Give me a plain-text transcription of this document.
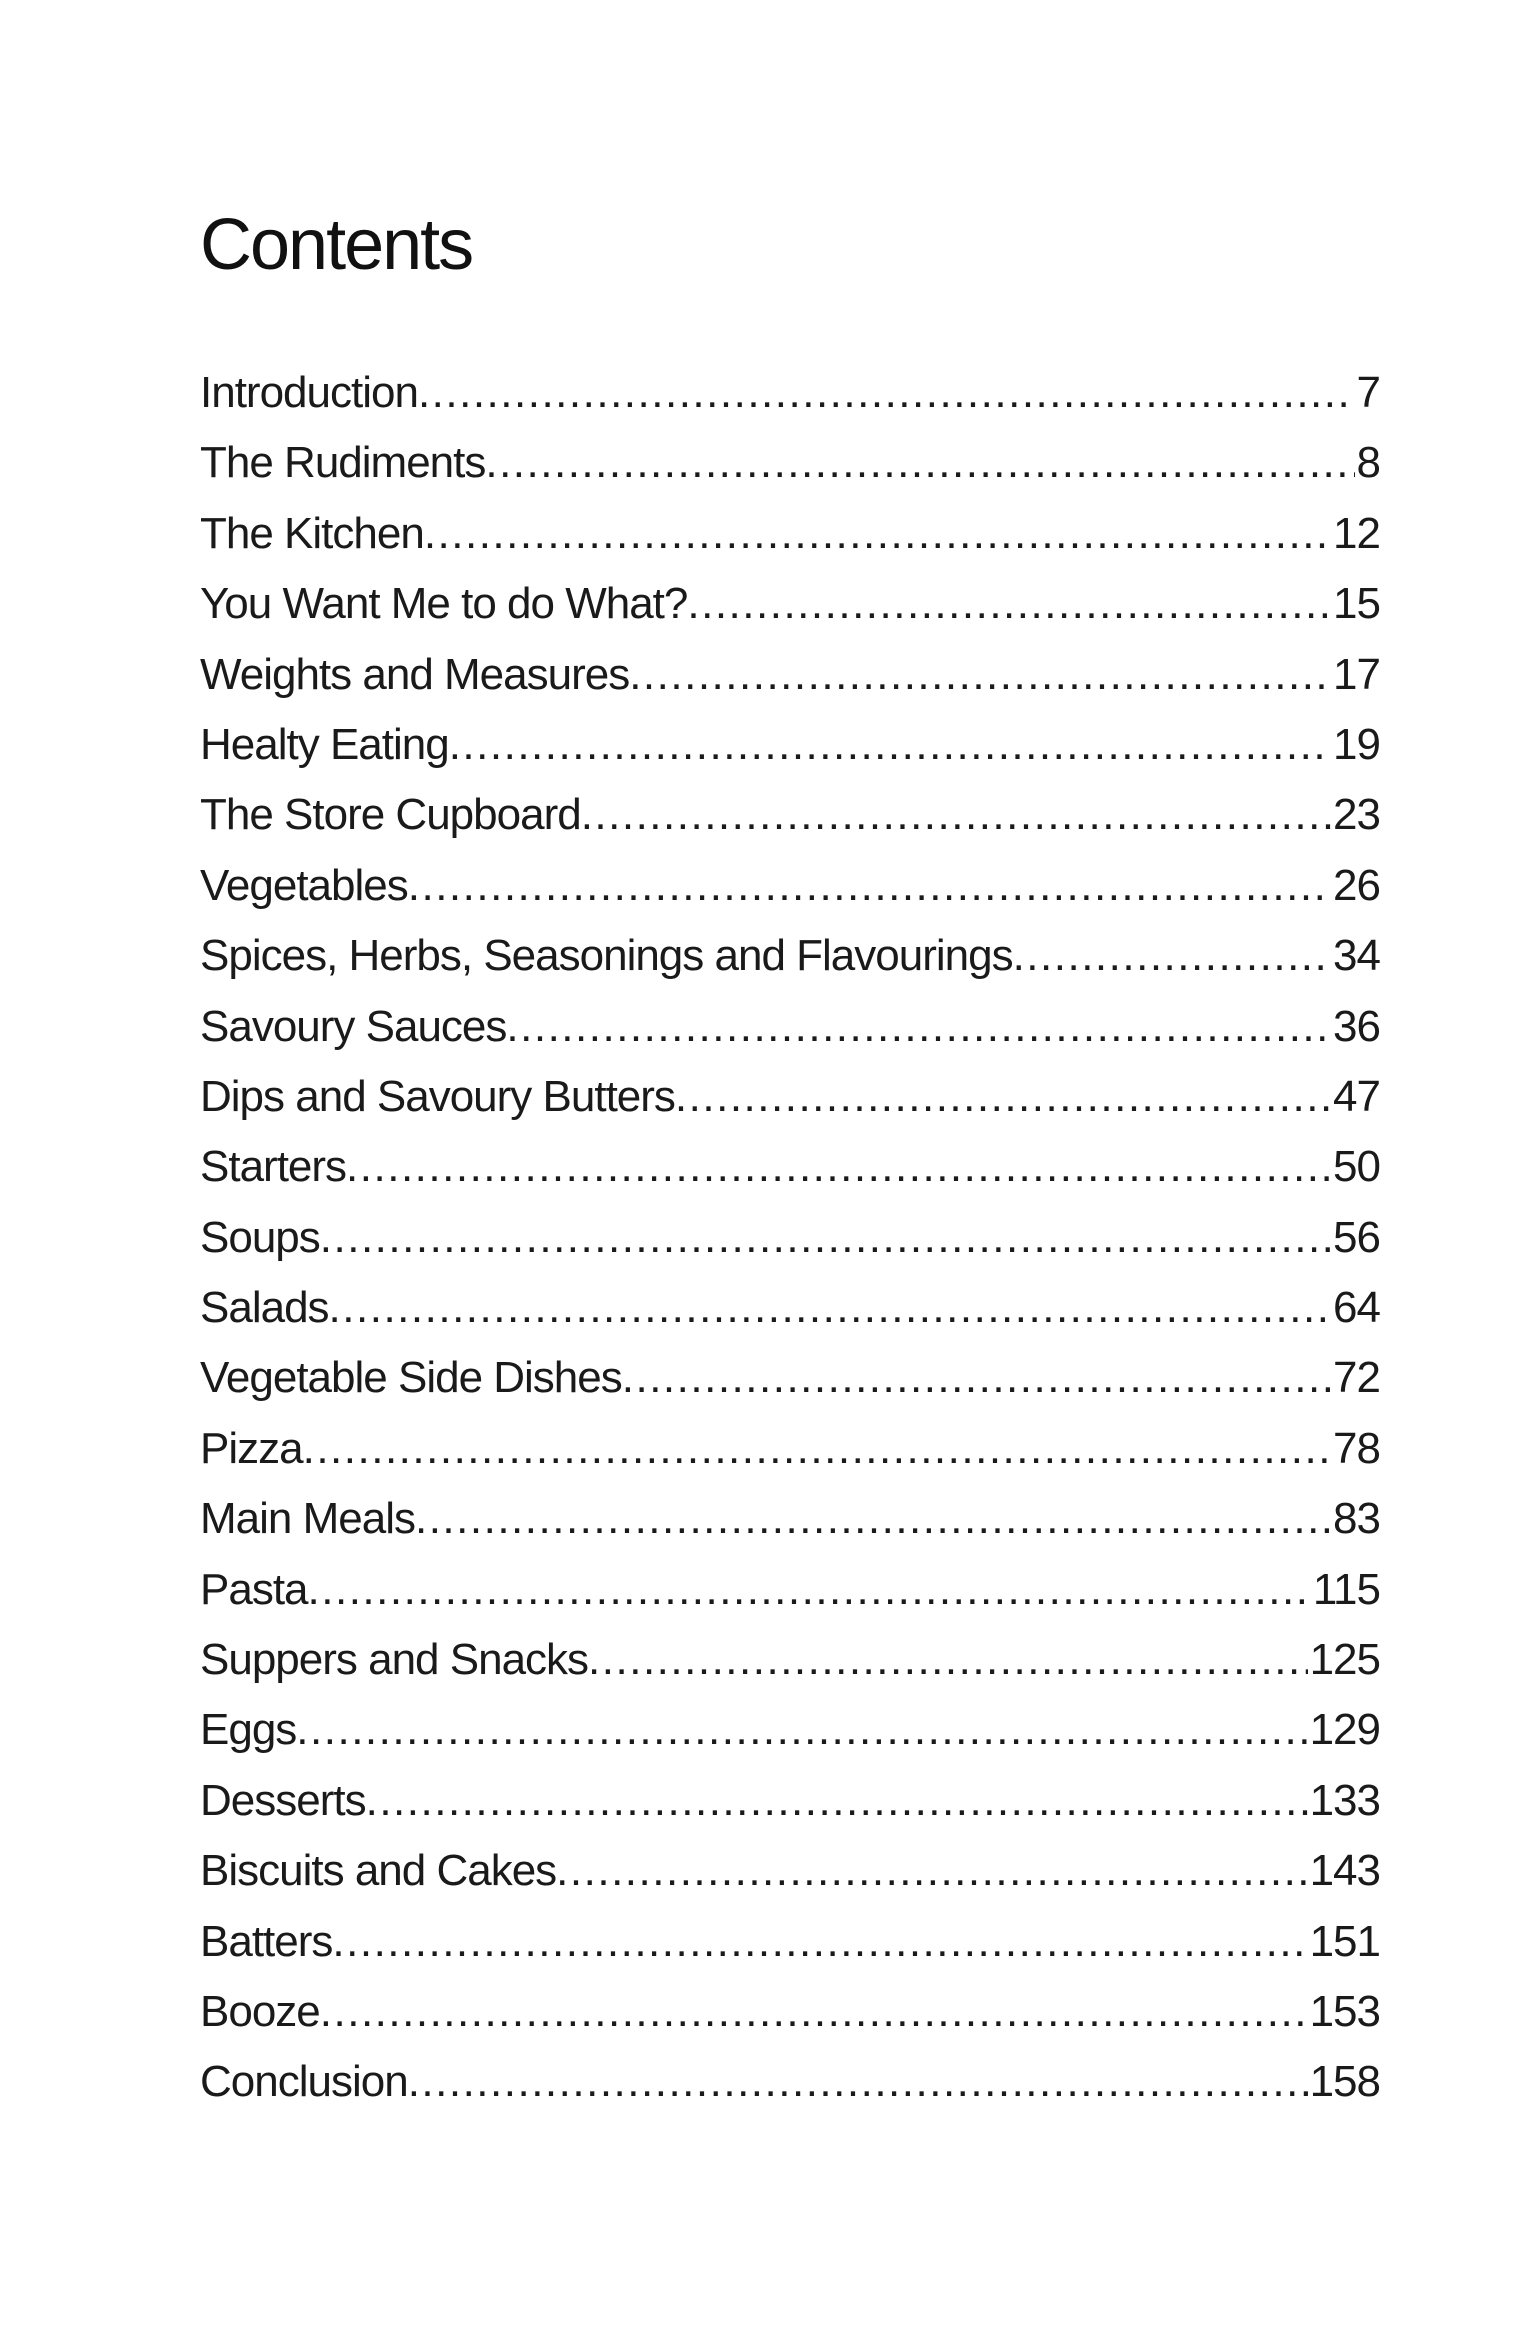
Contents
Introduction .....	7
The Rudiments .....	8
The Kitchen .....	12
You Want Me to do What? .....	15
Weights and Measures .....	17
Healty Eating .....	19
The Store Cupboard .....	23
Vegetables .....	26
Spices, Herbs, Seasonings and Flavourings .....	34
Savoury Sauces .....	36
Dips and Savoury Butters .....	47
Starters .....	50
Soups .....	56
Salads .....	64
Vegetable Side Dishes .....	72
Pizza .....	78
Main Meals .....	83
Pasta .....	115
Suppers and Snacks .....	125
Eggs .....	129
Desserts .....	133
Biscuits and Cakes .....	143
Batters .....	151
Booze .....	153
Conclusion .....	158
